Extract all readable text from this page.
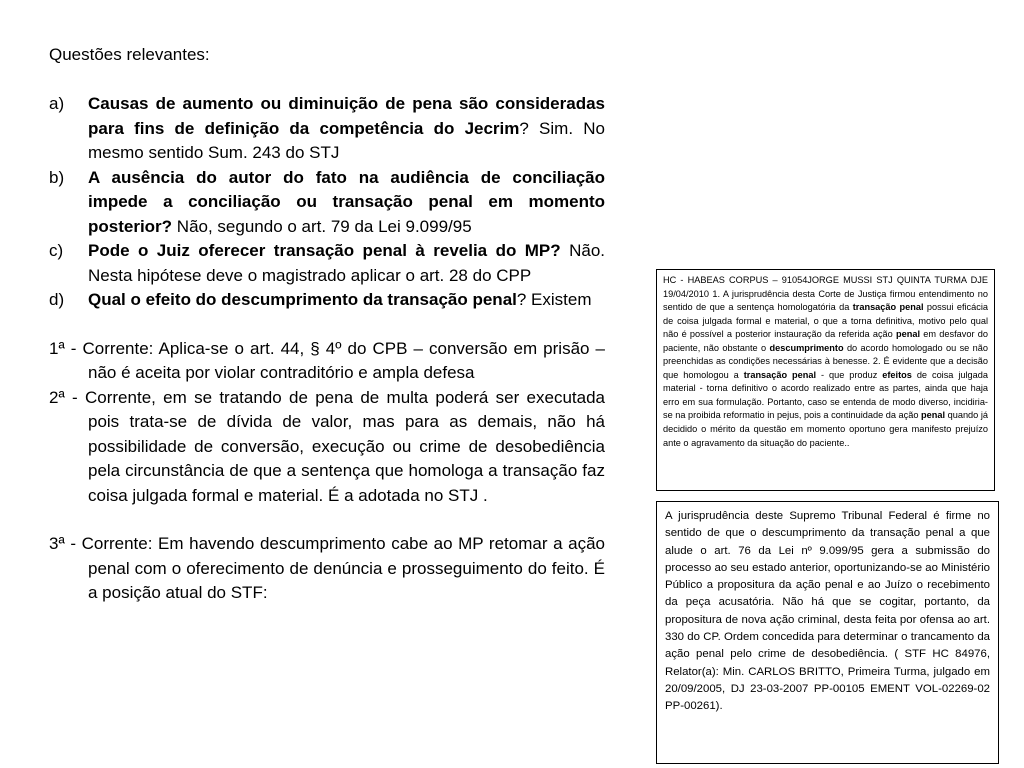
Questões relevantes:
a) Causas de aumento ou diminuição de pena são consideradas para fins de definição da competência do Jecrim? Sim. No mesmo sentido Sum. 243 do STJ
b) A ausência do autor do fato na audiência de conciliação impede a conciliação ou transação penal em momento posterior? Não, segundo o art. 79 da Lei 9.099/95
c) Pode o Juiz oferecer transação penal à revelia do MP? Não. Nesta hipótese deve o magistrado aplicar o art. 28 do CPP
d) Qual o efeito do descumprimento da transação penal? Existem
1ª - Corrente: Aplica-se o art. 44, § 4º do CPB – conversão em prisão – não é aceita por violar contraditório e ampla defesa
2ª - Corrente, em se tratando de pena de multa poderá ser executada pois trata-se de dívida de valor, mas para as demais, não há possibilidade de conversão, execução ou crime de desobediência pela circunstância de que a sentença que homologa a transação faz coisa julgada formal e material. É a adotada no STJ .
3ª - Corrente: Em havendo descumprimento cabe ao MP retomar a ação penal com o oferecimento de denúncia e prosseguimento do feito. É a posição atual do STF:
HC - HABEAS CORPUS – 91054JORGE MUSSI STJ QUINTA TURMA DJE 19/04/2010 1. A jurisprudência desta Corte de Justiça firmou entendimento no sentido de que a sentença homologatória da transação penal possui eficácia de coisa julgada formal e material, o que a torna definitiva, motivo pelo qual não é possível a posterior instauração da referida ação penal em desfavor do paciente, não obstante o descumprimento do acordo homologado ou se não preenchidas as condições necessárias à benesse. 2. É evidente que a decisão que homologou a transação penal - que produz efeitos de coisa julgada material - torna definitivo o acordo realizado entre as partes, ainda que haja erro em sua formulação. Portanto, caso se entenda de modo diverso, incidiria-se na proibida reformatio in pejus, pois a continuidade da ação penal quando já decidido o mérito da questão em momento oportuno gera manifesto prejuízo ante o agravamento da situação do paciente..
A jurisprudência deste Supremo Tribunal Federal é firme no sentido de que o descumprimento da transação penal a que alude o art. 76 da Lei nº 9.099/95 gera a submissão do processo ao seu estado anterior, oportunizando-se ao Ministério Público a propositura da ação penal e ao Juízo o recebimento da peça acusatória. Não há que se cogitar, portanto, da propositura de nova ação criminal, desta feita por ofensa ao art. 330 do CP. Ordem concedida para determinar o trancamento da ação penal pelo crime de desobediência. ( STF HC 84976, Relator(a): Min. CARLOS BRITTO, Primeira Turma, julgado em 20/09/2005, DJ 23-03-2007 PP-00105 EMENT VOL-02269-02 PP-00261).
